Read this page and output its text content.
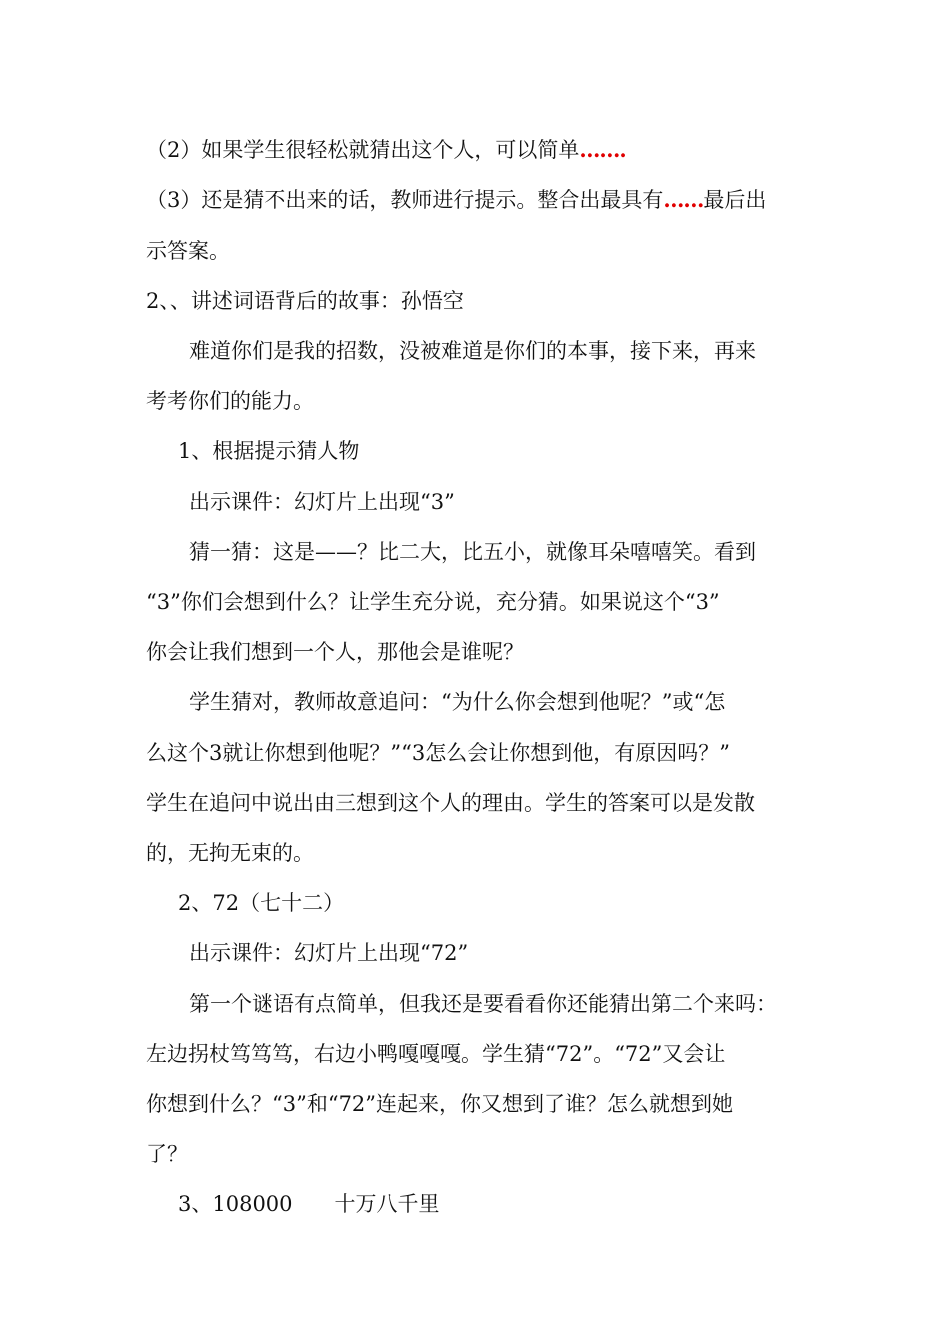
（2）如果学生很轻松就猜出这个人，可以简单…….
（3）还是猜不出来的话，教师进行提示。整合出最具有……最后出
示答案。
2、、讲述词语背后的故事：孙悟空
难道你们是我的招数，没被难道是你们的本事，接下来，再来
考考你们的能力。
1、根据提示猜人物
出示课件：幻灯片上出现“3”
猜一猜：这是——？比二大，比五小，就像耳朵嘻嘻笑。看到
“3”你们会想到什么？让学生充分说，充分猜。如果说这个“3”
你会让我们想到一个人，那他会是谁呢？
学生猜对，教师故意追问：“为什么你会想到他呢？”或“怎
么这个3就让你想到他呢？”“3怎么会让你想到他，有原因吗？”
学生在追问中说出由三想到这个人的理由。学生的答案可以是发散
的，无拘无束的。
2、72（七十二）
出示课件：幻灯片上出现“72”
第一个谜语有点简单，但我还是要看看你还能猜出第二个来吗：
左边拐杖笃笃笃，右边小鸭嘎嘎嘎。学生猜“72”。“72”又会让
你想到什么？“3”和“72”连起来，你又想到了谁？怎么就想到她
了？
3、108000　　十万八千里
